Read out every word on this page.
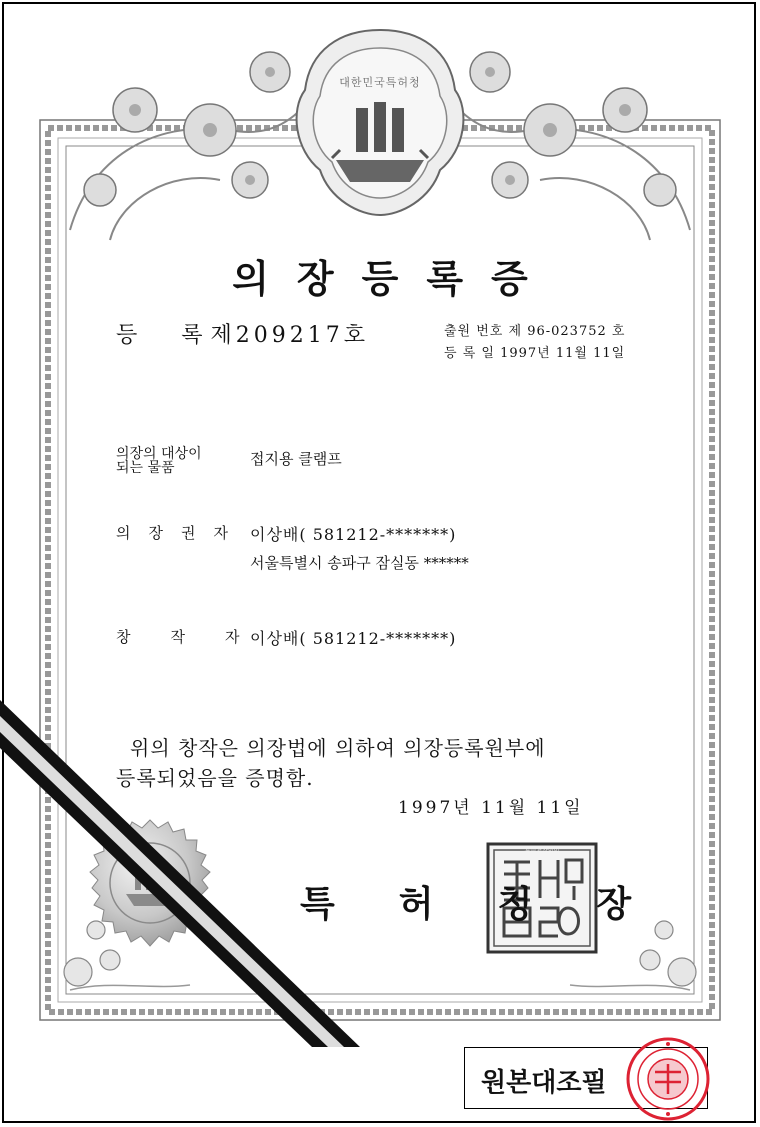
대한민국특허청
의장등록증
등 록 제209217호	출원 번호 제 96-023752 호
등 록 일 1997년 11월 11일
의장의 대상이
되는 물품	접지용 클램프
의장권자 이상배( 581212-*******)
서울특별시 송파구 잠실동 ******
창작자
이상배( 581212-*******)
위의 창작은 의장법에 의하여 의장등록원부에
등록되었음을 증명함.
1997년 11월 11일
특허청장의인
특허청장
원본대조필
